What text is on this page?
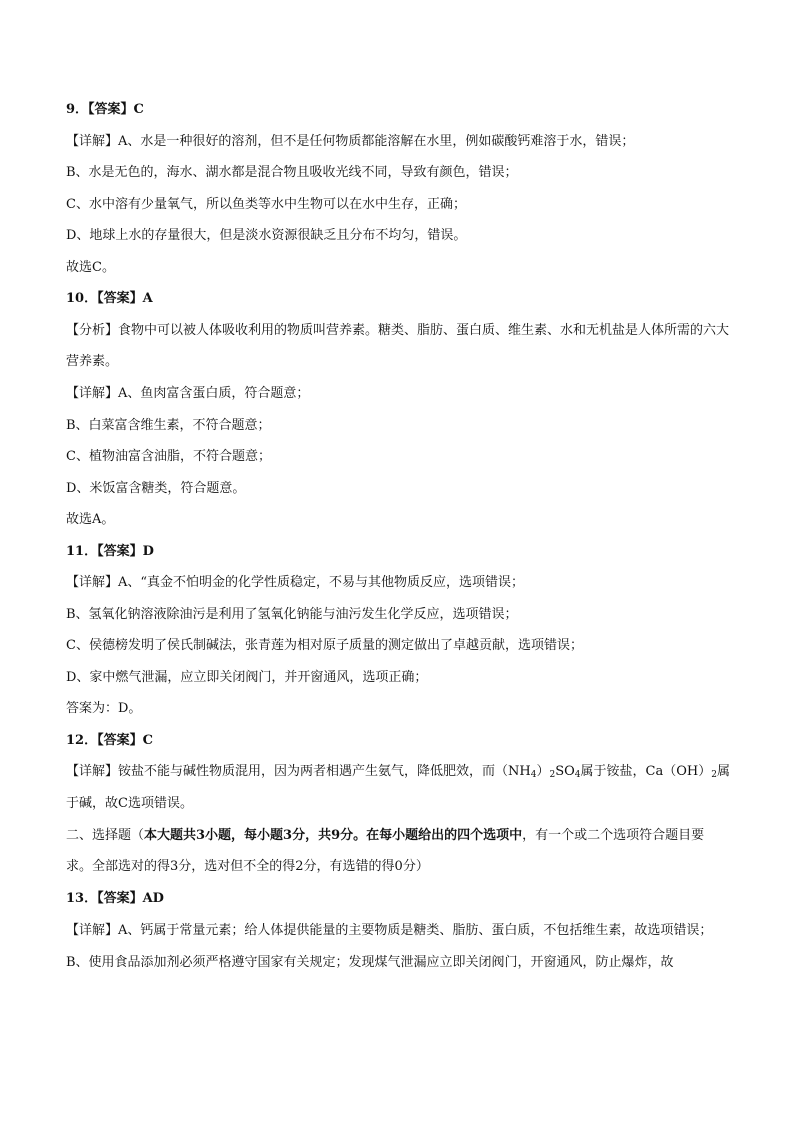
9．【答案】C
【详解】A、水是一种很好的溶剂，但不是任何物质都能溶解在水里，例如碳酸钙难溶于水，错误；
B、水是无色的，海水、湖水都是混合物且吸收光线不同，导致有颜色，错误；
C、水中溶有少量氧气，所以鱼类等水中生物可以在水中生存，正确；
D、地球上水的存量很大，但是淡水资源很缺乏且分布不均匀，错误。
故选C。
10．【答案】A
【分析】食物中可以被人体吸收利用的物质叫营养素。糖类、脂肪、蛋白质、维生素、水和无机盐是人体所需的六大营养素。
【详解】A、鱼肉富含蛋白质，符合题意；
B、白菜富含维生素，不符合题意；
C、植物油富含油脂，不符合题意；
D、米饭富含糖类，符合题意。
故选A。
11．【答案】D
【详解】A、“真金不怕明金的化学性质稳定，不易与其他物质反应，选项错误；
B、氢氧化钠溶液除油污是利用了氢氧化钠能与油污发生化学反应，选项错误；
C、侯德榜发明了侯氏制碱法，张青莲为相对原子质量的测定做出了卓越贡献，选项错误；
D、家中燃气泄漏，应立即关闭阀门，并开窗通风，选项正确；
答案为：D。
12．【答案】C
【详解】铵盐不能与碱性物质混用，因为两者相遇产生氨气，降低肥效，而$(NH_4)_2SO_4$属于铵盐，$Ca(OH)_2$属于碱，故C选项错误。
二、选择题（本大题共3小题，每小题3分，共9分。在每小题给出的四个选项中，有一个或二个选项符合题目要求。全部选对的得3分，选对但不全的得2分，有选错的得0分）
13．【答案】AD
【详解】A、钙属于常量元素；给人体提供能量的主要物质是糖类、脂肪、蛋白质，不包括维生素，故选项错误；
B、使用食品添加剂必须严格遵守国家有关规定；发现煤气泄漏应立即关闭阀门，开窗通风，防止爆炸，故
